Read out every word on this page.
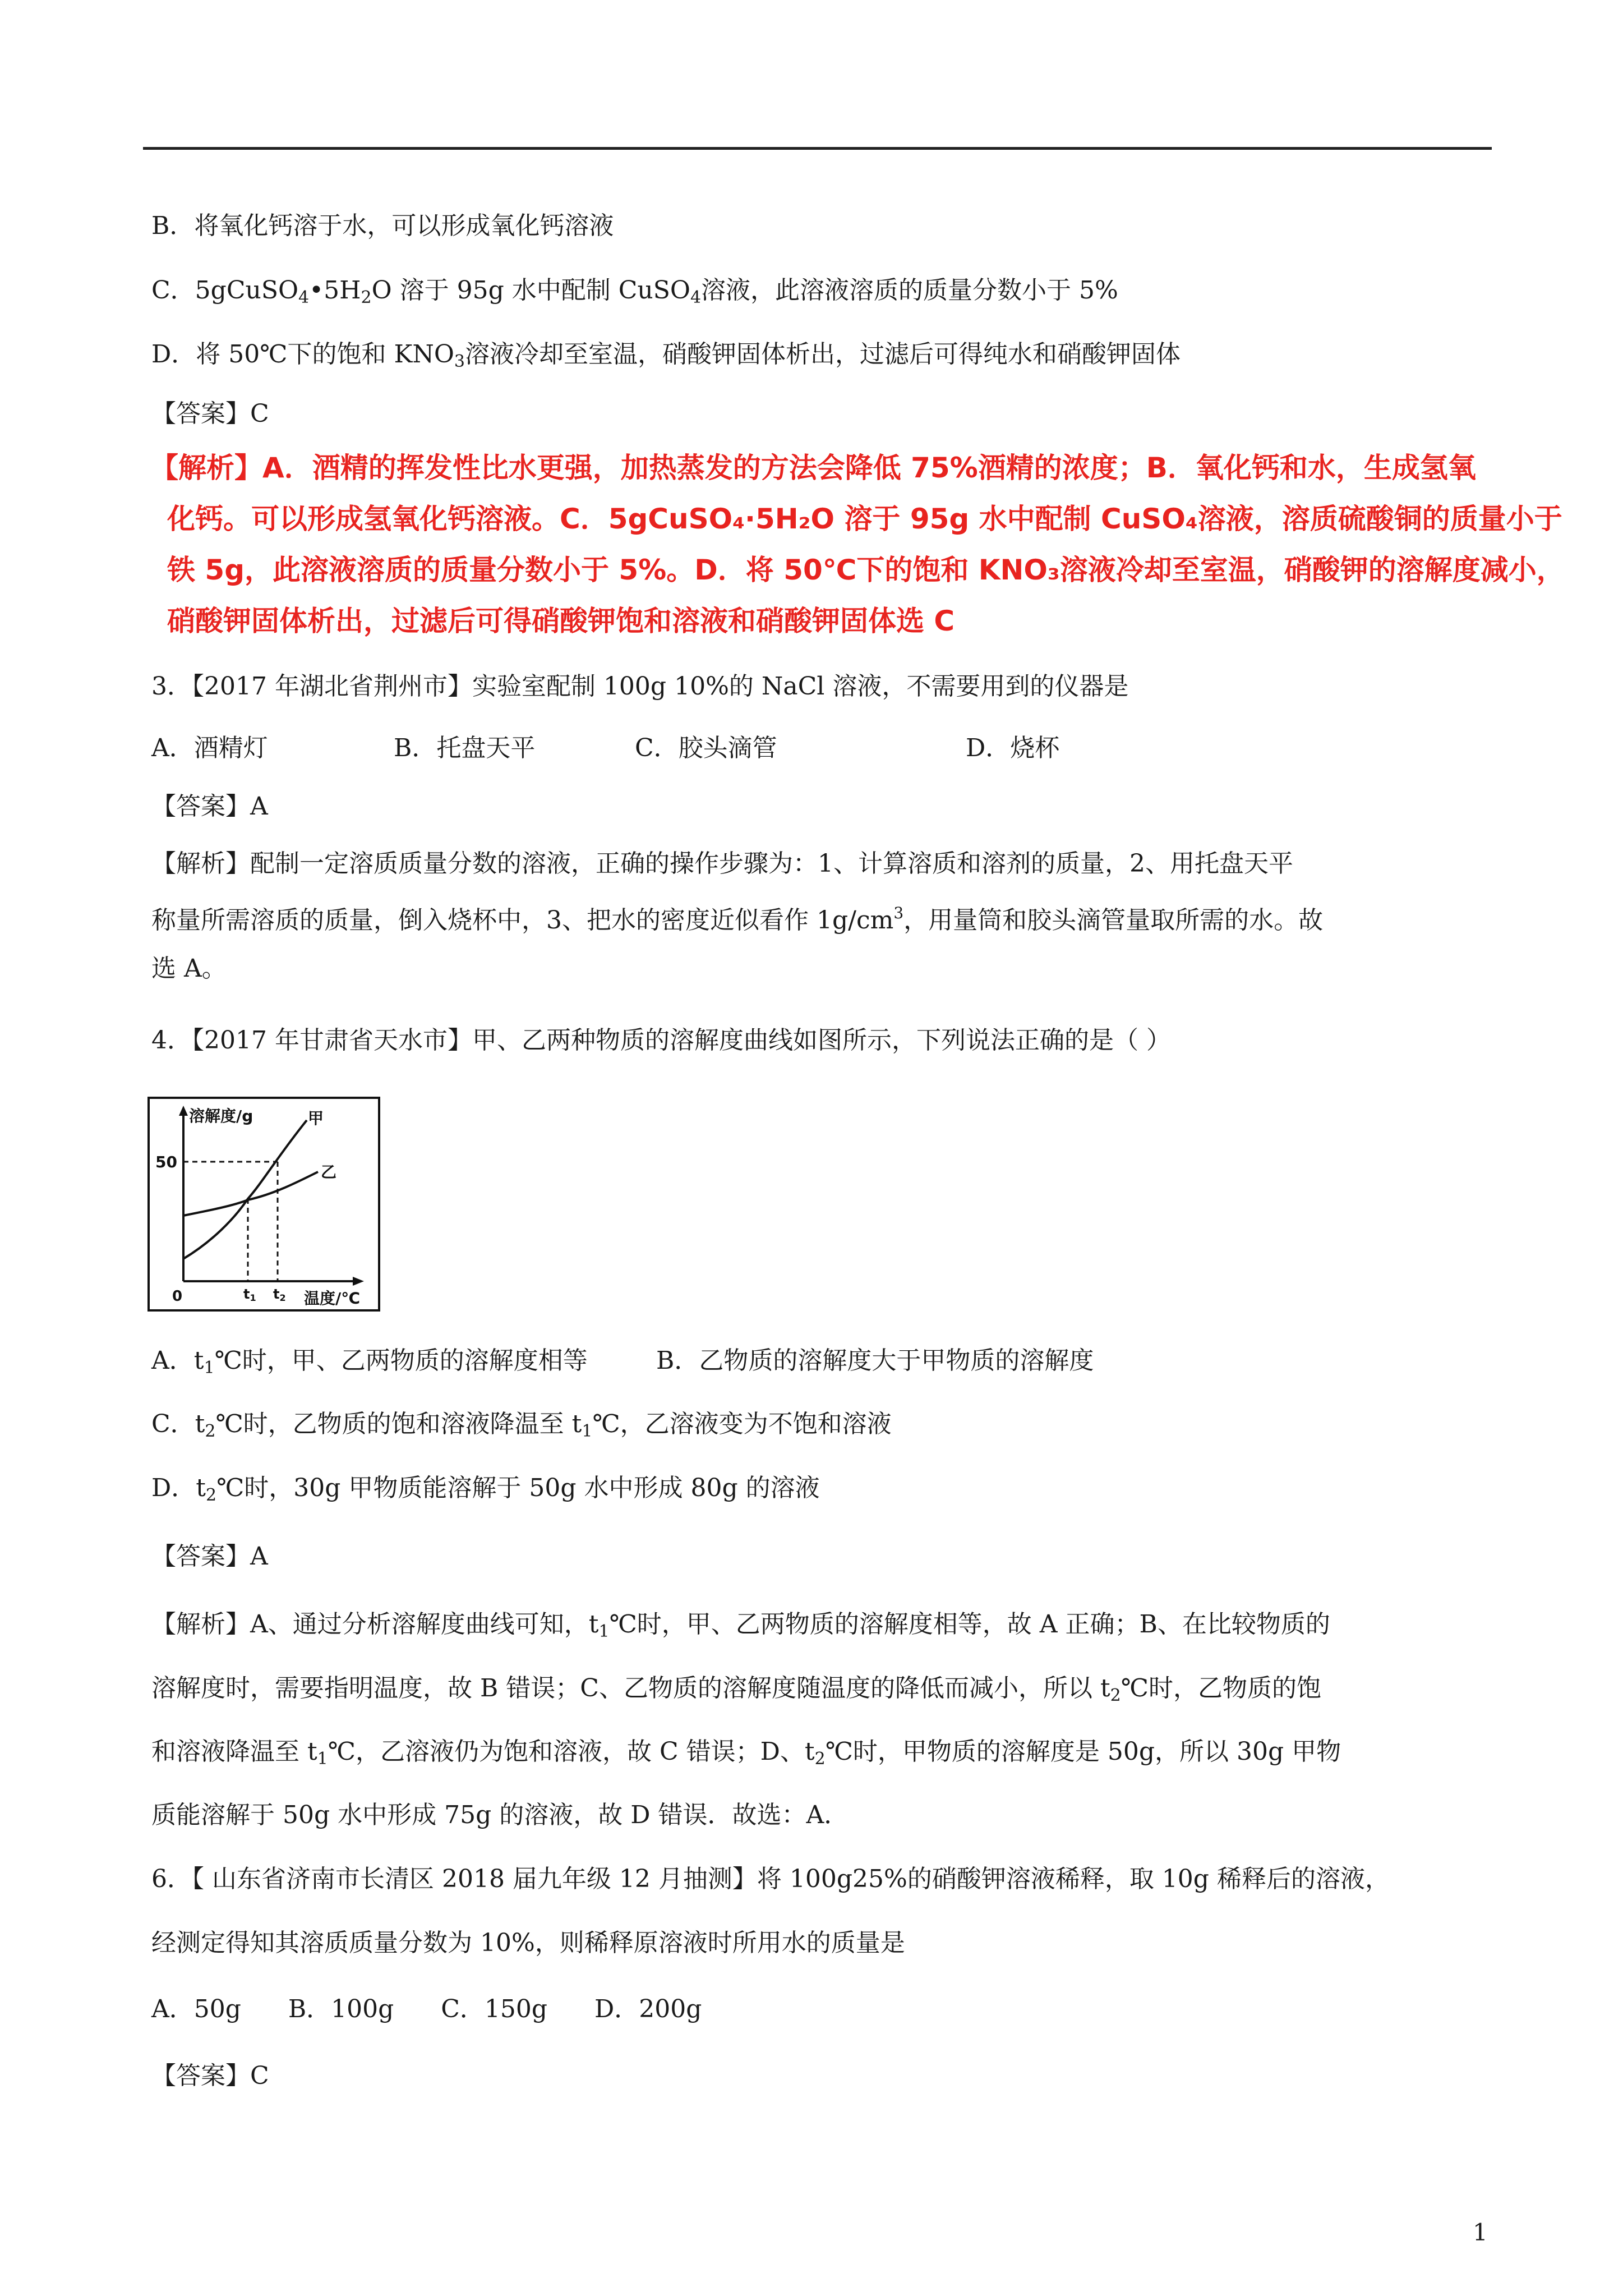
B．将氧化钙溶于水，可以形成氧化钙溶液
C．$5gCuSO_4•5H_2O$ 溶于 95g 水中配制 CuSO$_4$溶液，此溶液溶质的质量分数小于 5%
D．将 50℃下的饱和 $KNO_3$溶液冷却至室温，硝酸钾固体析出，过滤后可得纯水和硝酸钾固体
【答案】C
【解析】A．酒精的挥发性比水更强，加热蒸发的方法会降低 75%酒精的浓度；B．氧化钙和水，生成氢氧
化钙。可以形成氢氧化钙溶液。C．5gCuSO₄·5H₂O 溶于 95g 水中配制 CuSO₄溶液，溶质硫酸铜的质量小于
铁 5g，此溶液溶质的质量分数小于 5%。D．将 50℃下的饱和 KNO₃溶液冷却至室温，硝酸钾的溶解度减小，
硝酸钾固体析出，过滤后可得硝酸钾饱和溶液和硝酸钾固体选 C
3．【2017 年湖北省荆州市】实验室配制 100g 10%的 NaCl 溶液，不需要用到的仪器是
A．酒精灯	B．托盘天平	C．胶头滴管	D．烧杯
【答案】A
【解析】配制一定溶质质量分数的溶液，正确的操作步骤为：1、计算溶质和溶剂的质量，2、用托盘天平
称量所需溶质的质量，倒入烧杯中，3、把水的密度近似看作 $1g/cm^3$，用量筒和胶头滴管量取所需的水。故
选 A。
4．【2017 年甘肃省天水市】甲、乙两种物质的溶解度曲线如图所示，下列说法正确的是（ ）
溶解度/g
50
0	t1 t2 温度/℃
甲
乙
A．$t_1℃$时，甲、乙两物质的溶解度相等	B．乙物质的溶解度大于甲物质的溶解度
C．$t_2℃$时，乙物质的饱和溶液降温至 $t_1℃$，乙溶液变为不饱和溶液
D．$t_2℃$时，30g 甲物质能溶解于 50g 水中形成 80g 的溶液
【答案】A
【解析】A、通过分析溶解度曲线可知，$t_1℃$时，甲、乙两物质的溶解度相等，故 A 正确；B、在比较物质的
溶解度时，需要指明温度，故 B 错误；C、乙物质的溶解度随温度的降低而减小，所以 $t_2℃$时，乙物质的饱
和溶液降温至 $t_1℃$，乙溶液仍为饱和溶液，故 C 错误；D、$t_2℃$时，甲物质的溶解度是 50g，所以 30g 甲物
质能溶解于 50g 水中形成 75g 的溶液，故 D 错误．故选：A．
6．【 山东省济南市长清区 2018 届九年级 12 月抽测】将 100g25%的硝酸钾溶液稀释，取 10g 稀释后的溶液，
经测定得知其溶质质量分数为 10%，则稀释原溶液时所用水的质量是
A．50g      B．100g      C．150g      D．200g
【答案】C
1
